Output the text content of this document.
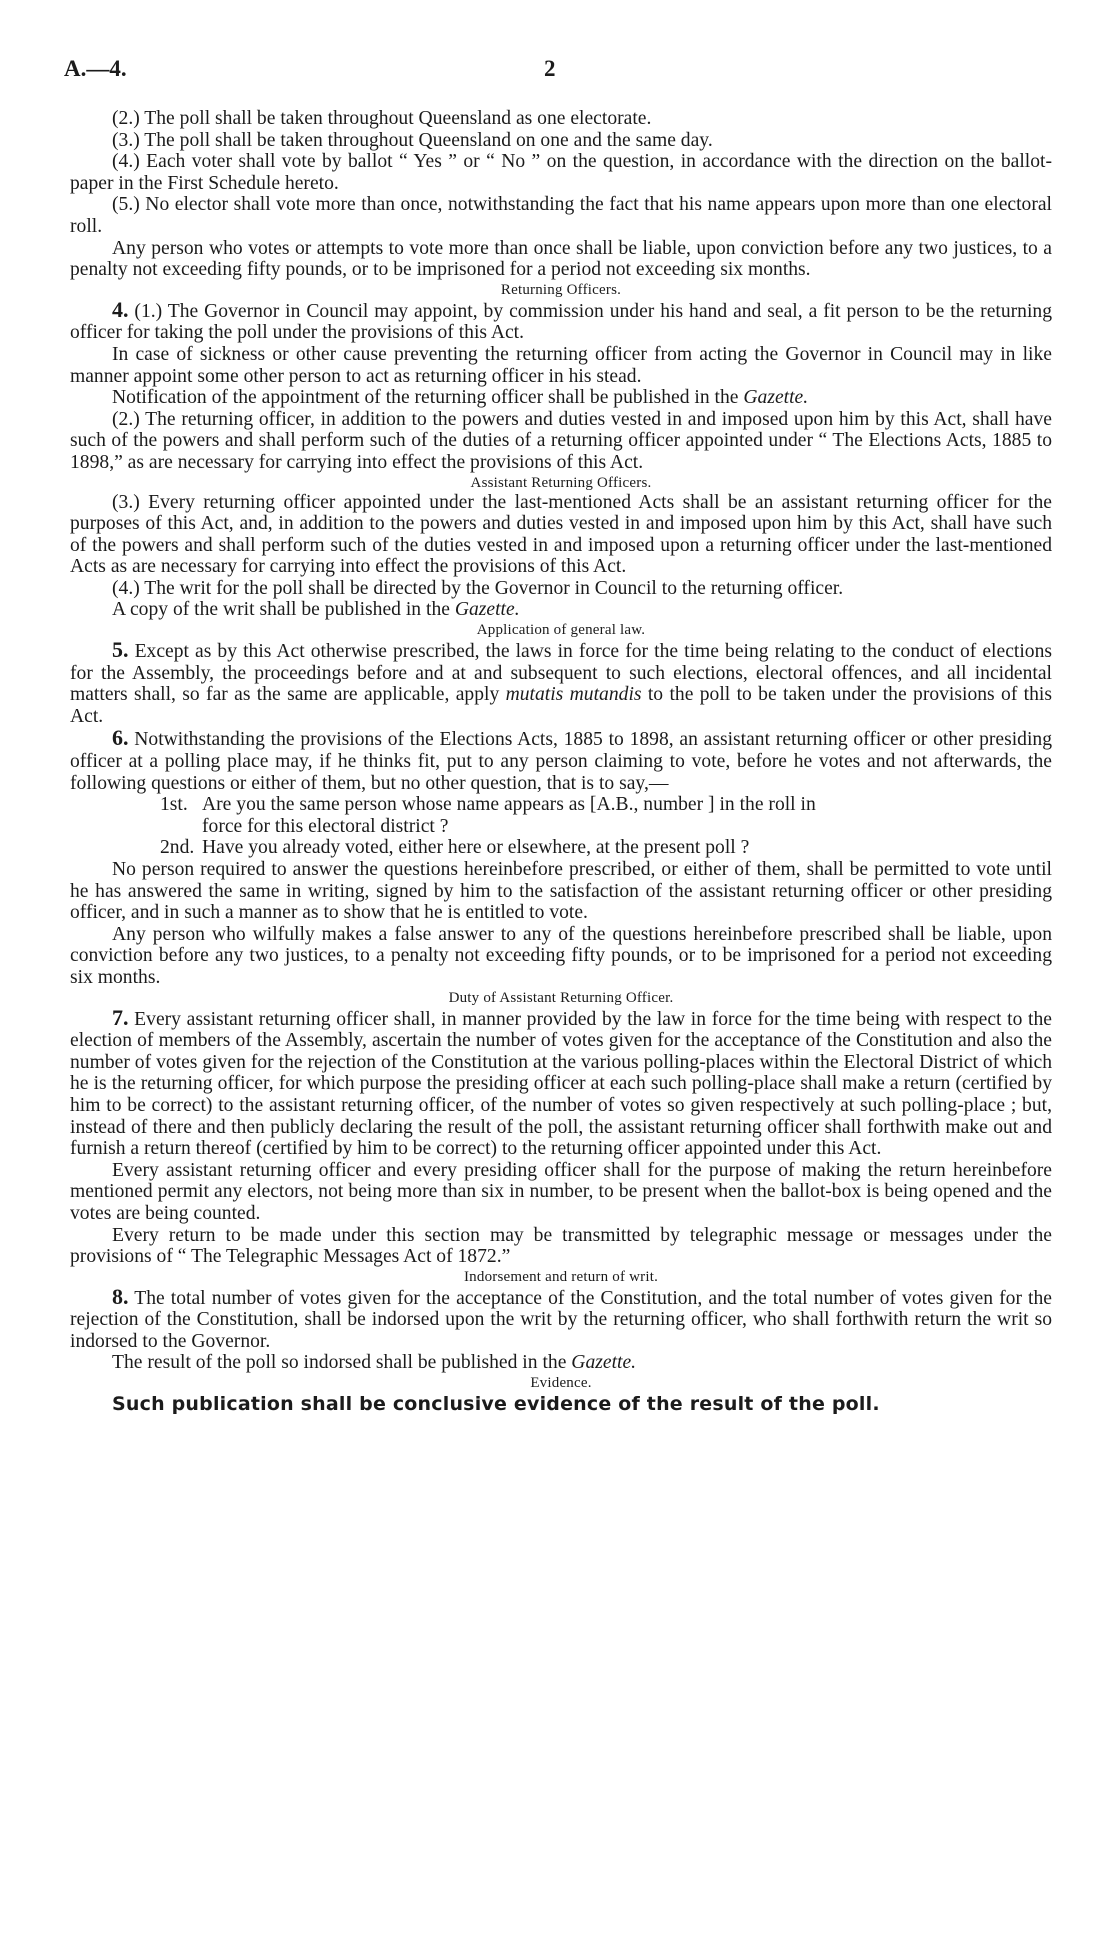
A.—4.	2

(2.) The poll shall be taken throughout Queensland as one electorate.

(3.) The poll shall be taken throughout Queensland on one and the same day.

(4.) Each voter shall vote by ballot “ Yes ” or “ No ” on the question, in accordance with the direction on the ballot-paper in the First Schedule hereto.

(5.) No elector shall vote more than once, notwithstanding the fact that his name appears upon more than one electoral roll.

Any person who votes or attempts to vote more than once shall be liable, upon conviction before any two justices, to a penalty not exceeding fifty pounds, or to be imprisoned for a period not exceeding six months.

Returning Officers.

4. (1.) The Governor in Council may appoint, by commission under his hand and seal, a fit person to be the returning officer for taking the poll under the provisions of this Act.

In case of sickness or other cause preventing the returning officer from acting the Governor in Council may in like manner appoint some other person to act as returning officer in his stead.

Notification of the appointment of the returning officer shall be published in the Gazette.

(2.) The returning officer, in addition to the powers and duties vested in and imposed upon him by this Act, shall have such of the powers and shall perform such of the duties of a returning officer appointed under “ The Elections Acts, 1885 to 1898,” as are necessary for carrying into effect the provisions of this Act.

Assistant Returning Officers.

(3.) Every returning officer appointed under the last-mentioned Acts shall be an assistant returning officer for the purposes of this Act, and, in addition to the powers and duties vested in and imposed upon him by this Act, shall have such of the powers and shall perform such of the duties vested in and imposed upon a returning officer under the last-mentioned Acts as are necessary for carrying into effect the provisions of this Act.

(4.) The writ for the poll shall be directed by the Governor in Council to the returning officer.

A copy of the writ shall be published in the Gazette.

Application of general law.

5. Except as by this Act otherwise prescribed, the laws in force for the time being relating to the conduct of elections for the Assembly, the proceedings before and at and subsequent to such elections, electoral offences, and all incidental matters shall, so far as the same are applicable, apply mutatis mutandis to the poll to be taken under the provisions of this Act.

6. Notwithstanding the provisions of the Elections Acts, 1885 to 1898, an assistant returning officer or other presiding officer at a polling place may, if he thinks fit, put to any person claiming to vote, before he votes and not afterwards, the following questions or either of them, but no other question, that is to say,—

1st. Are you the same person whose name appears as [A.B., number ] in the roll in
force for this electoral district ?
2nd. Have you already voted, either here or elsewhere, at the present poll ?

No person required to answer the questions hereinbefore prescribed, or either of them, shall be permitted to vote until he has answered the same in writing, signed by him to the satisfaction of the assistant returning officer or other presiding officer, and in such a manner as to show that he is entitled to vote.

Any person who wilfully makes a false answer to any of the questions hereinbefore prescribed shall be liable, upon conviction before any two justices, to a penalty not exceeding fifty pounds, or to be imprisoned for a period not exceeding six months.

Duty of Assistant Returning Officer.

7. Every assistant returning officer shall, in manner provided by the law in force for the time being with respect to the election of members of the Assembly, ascertain the number of votes given for the acceptance of the Constitution and also the number of votes given for the rejection of the Constitution at the various polling-places within the Electoral District of which he is the returning officer, for which purpose the presiding officer at each such polling-place shall make a return (certified by him to be correct) to the assistant returning officer, of the number of votes so given respectively at such polling-place ; but, instead of there and then publicly declaring the result of the poll, the assistant returning officer shall forthwith make out and furnish a return thereof (certified by him to be correct) to the returning officer appointed under this Act.

Every assistant returning officer and every presiding officer shall for the purpose of making the return hereinbefore mentioned permit any electors, not being more than six in number, to be present when the ballot-box is being opened and the votes are being counted.

Every return to be made under this section may be transmitted by telegraphic message or messages under the provisions of “ The Telegraphic Messages Act of 1872.”

Indorsement and return of writ.

8. The total number of votes given for the acceptance of the Constitution, and the total number of votes given for the rejection of the Constitution, shall be indorsed upon the writ by the returning officer, who shall forthwith return the writ so indorsed to the Governor.

The result of the poll so indorsed shall be published in the Gazette.

Evidence.

Such publication shall be conclusive evidence of the result of the poll.
